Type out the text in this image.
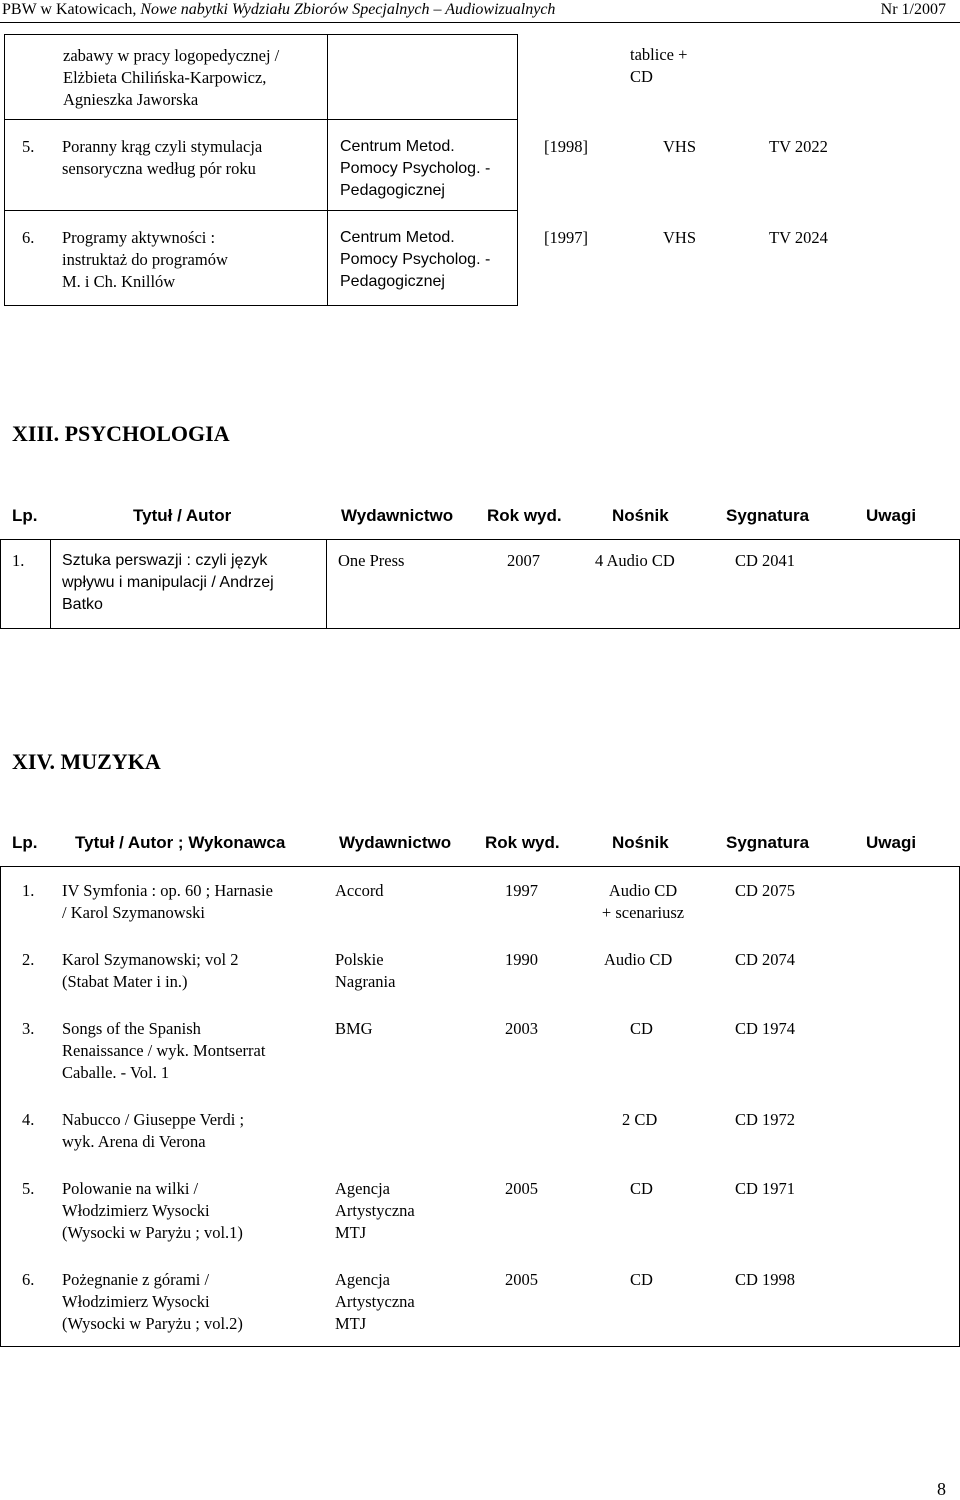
PBW w Katowicach, Nowe nabytki Wydziału Zbiorów Specjalnych – Audiowizualnych	Nr 1/2007
zabawy w pracy logopedycznej /
Elżbieta Chilińska-Karpowicz,
Agnieszka Jaworska
tablice +
CD
5. Poranny krąg czyli stymulacja
sensoryczna według pór roku
Centrum Metod.
Pomocy Psycholog. -
Pedagogicznej
[1998]	VHS	TV 2022
6. Programy aktywności :
instruktaż do programów
M. i Ch. Knillów
Centrum Metod.
Pomocy Psycholog. -
Pedagogicznej
[1997]	VHS	TV 2024
XIII. PSYCHOLOGIA
Lp.	Tytuł / Autor	Wydawnictwo Rok wyd.	Nośnik	Sygnatura	Uwagi
1. Sztuka perswazji : czyli język
wpływu i manipulacji / Andrzej
Batko
One Press	2007	4 Audio CD	CD 2041
XIV. MUZYKA
Lp. Tytuł / Autor ; Wykonawca	Wydawnictwo Rok wyd.	Nośnik	Sygnatura	Uwagi
1. IV Symfonia : op. 60 ; Harnasie
/ Karol Szymanowski
Accord	1997	Audio CD
+ scenariusz
CD 2075
2. Karol Szymanowski; vol 2
(Stabat Mater i in.)
Polskie
Nagrania
1990	Audio CD	CD 2074
3. Songs of the Spanish
Renaissance / wyk. Montserrat
Caballe. - Vol. 1
BMG	2003	CD	CD 1974
4. Nabucco / Giuseppe Verdi ;
wyk. Arena di Verona
2 CD	CD 1972
5. Polowanie na wilki /
Włodzimierz Wysocki
(Wysocki w Paryżu ; vol.1)
Agencja
Artystyczna
MTJ
2005	CD	CD 1971
6. Pożegnanie z górami /
Włodzimierz Wysocki
(Wysocki w Paryżu ; vol.2)
Agencja
Artystyczna
MTJ
2005	CD	CD 1998
8
